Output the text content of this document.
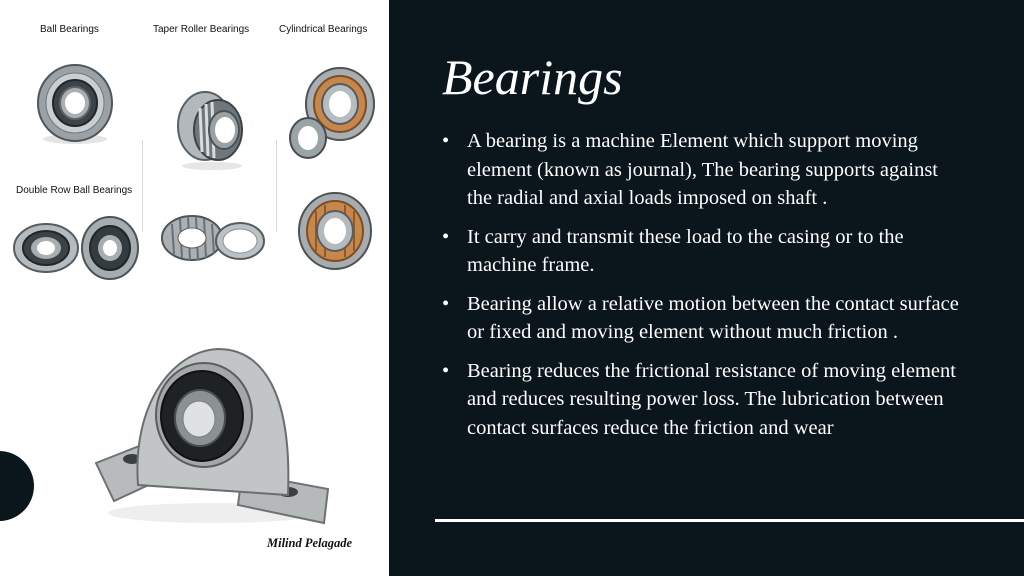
Ball Bearings	Taper Roller Bearings	Cylindrical Bearings
Double Row Ball Bearings
Milind Pelagade
Bearings
• A bearing is a machine Element which support moving element (known as journal), The bearing supports against the radial and axial loads imposed on shaft .
• It carry and transmit these load to the casing or to the machine frame.
• Bearing allow a relative motion between the contact surface or fixed and moving element without much friction .
• Bearing reduces the frictional resistance of moving element and reduces resulting power loss. The lubrication between contact surfaces reduce the friction and wear
